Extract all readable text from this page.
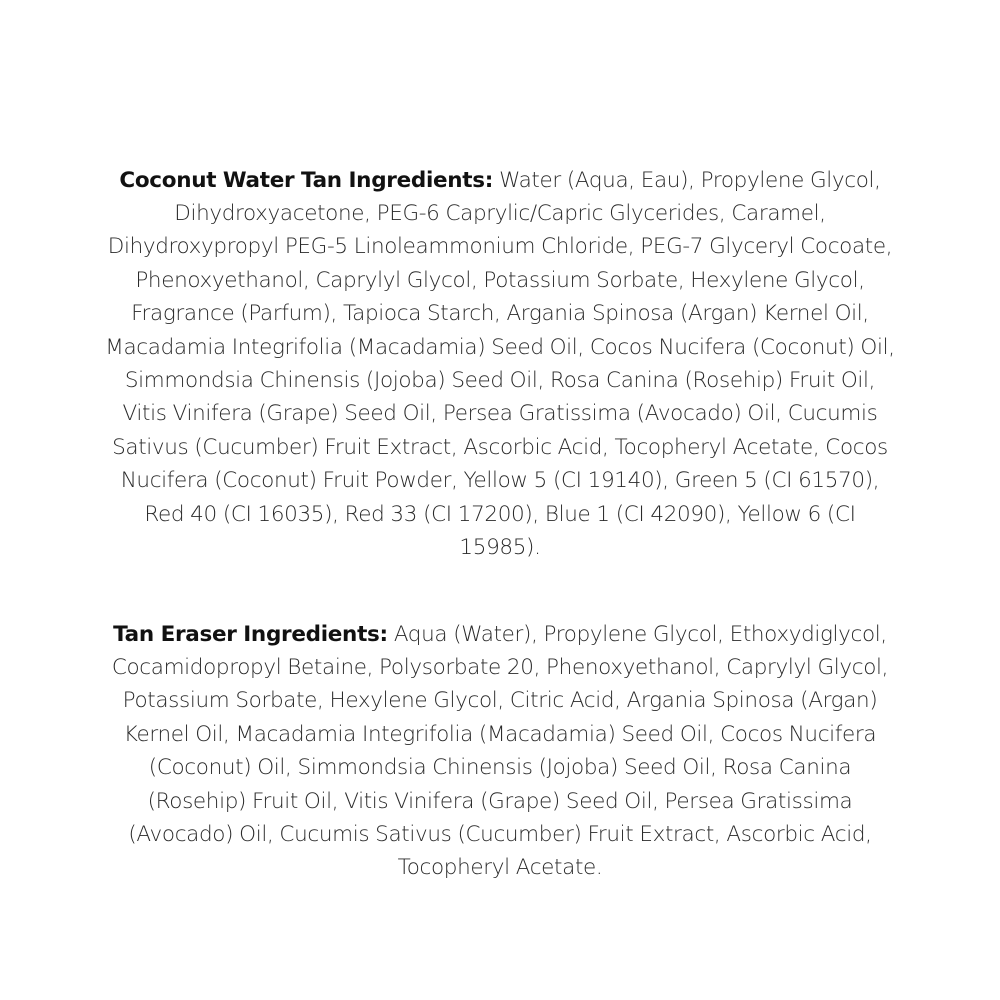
Coconut Water Tan Ingredients: Water (Aqua, Eau), Propylene Glycol, Dihydroxyacetone, PEG-6 Caprylic/Capric Glycerides, Caramel, Dihydroxypropyl PEG-5 Linoleammonium Chloride, PEG-7 Glyceryl Cocoate, Phenoxyethanol, Caprylyl Glycol, Potassium Sorbate, Hexylene Glycol, Fragrance (Parfum), Tapioca Starch, Argania Spinosa (Argan) Kernel Oil, Macadamia Integrifolia (Macadamia) Seed Oil, Cocos Nucifera (Coconut) Oil, Simmondsia Chinensis (Jojoba) Seed Oil, Rosa Canina (Rosehip) Fruit Oil, Vitis Vinifera (Grape) Seed Oil, Persea Gratissima (Avocado) Oil, Cucumis Sativus (Cucumber) Fruit Extract, Ascorbic Acid, Tocopheryl Acetate, Cocos Nucifera (Coconut) Fruit Powder, Yellow 5 (CI 19140), Green 5 (CI 61570), Red 40 (CI 16035), Red 33 (CI 17200), Blue 1 (CI 42090), Yellow 6 (CI 15985).

Tan Eraser Ingredients: Aqua (Water), Propylene Glycol, Ethoxydiglycol, Cocamidopropyl Betaine, Polysorbate 20, Phenoxyethanol, Caprylyl Glycol, Potassium Sorbate, Hexylene Glycol, Citric Acid, Argania Spinosa (Argan) Kernel Oil, Macadamia Integrifolia (Macadamia) Seed Oil, Cocos Nucifera (Coconut) Oil, Simmondsia Chinensis (Jojoba) Seed Oil, Rosa Canina (Rosehip) Fruit Oil, Vitis Vinifera (Grape) Seed Oil, Persea Gratissima (Avocado) Oil, Cucumis Sativus (Cucumber) Fruit Extract, Ascorbic Acid, Tocopheryl Acetate.
